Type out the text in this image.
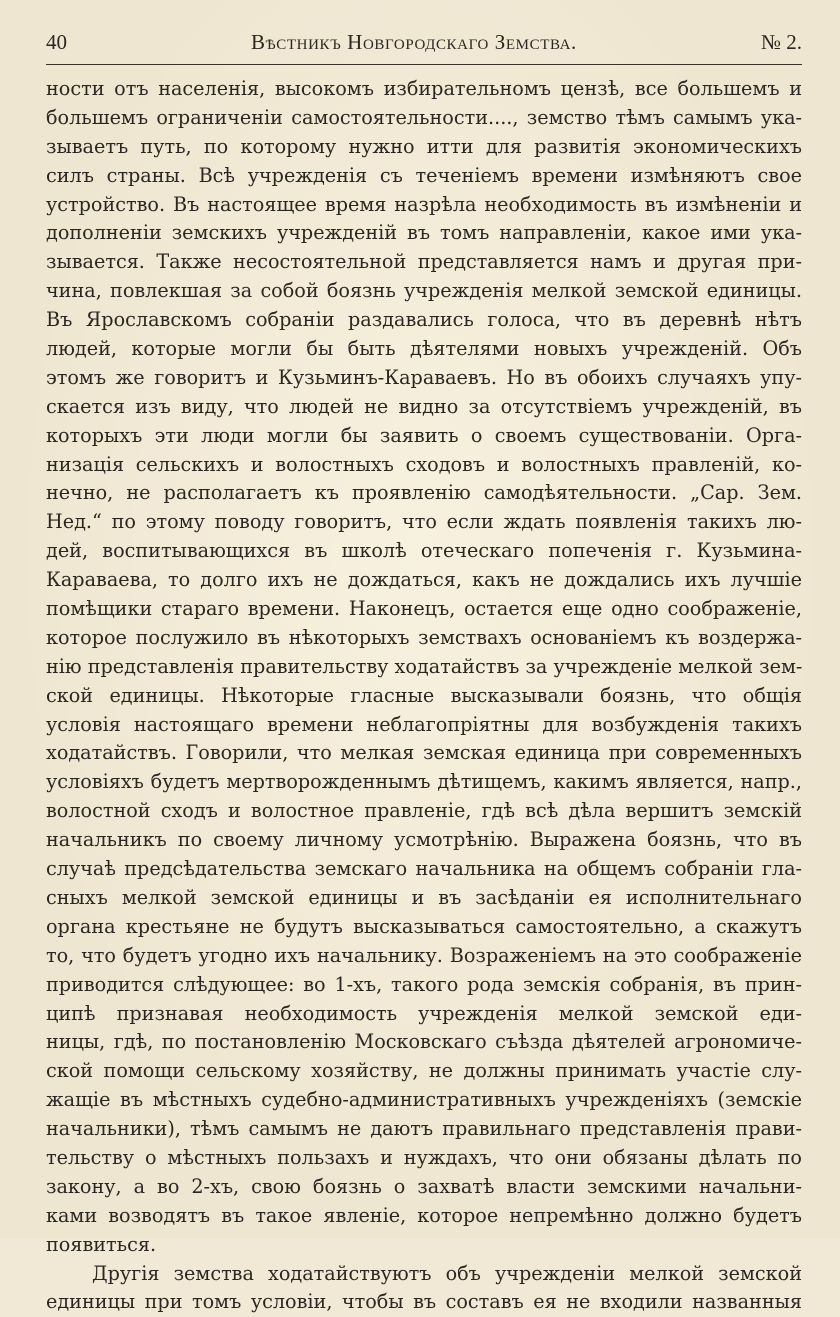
40	Вѣстникъ Новгородскаго Земства.	№ 2.
ности отъ населенія, высокомъ избирательномъ цензѣ, все большемъ и
большемъ ограниченіи самостоятельности...., земство тѣмъ самымъ ука-
зываетъ путь, по которому нужно итти для развитія экономическихъ
силъ страны. Всѣ учрежденія съ теченіемъ времени измѣняютъ свое
устройство. Въ настоящее время назрѣла необходимость въ измѣненіи и
дополненіи земскихъ учрежденій въ томъ направленіи, какое ими ука-
зывается. Также несостоятельной представляется намъ и другая при-
чина, повлекшая за собой боязнь учрежденія мелкой земской единицы.
Въ Ярославскомъ собраніи раздавались голоса, что въ деревнѣ нѣтъ
людей, которые могли бы быть дѣятелями новыхъ учрежденій. Объ
этомъ же говоритъ и Кузьминъ-Караваевъ. Но въ обоихъ случаяхъ упу-
скается изъ виду, что людей не видно за отсутствіемъ учрежденій, въ
которыхъ эти люди могли бы заявить о своемъ существованіи. Орга-
низація сельскихъ и волостныхъ сходовъ и волостныхъ правленій, ко-
нечно, не располагаетъ къ проявленію самодѣятельности. „Сар. Зем.
Нед.“ по этому поводу говоритъ, что если ждать появленія такихъ лю-
дей, воспитывающихся въ школѣ отеческаго попеченія г. Кузьмина-
Караваева, то долго ихъ не дождаться, какъ не дождались ихъ лучшіе
помѣщики стараго времени. Наконецъ, остается еще одно соображеніе,
которое послужило въ нѣкоторыхъ земствахъ основаніемъ къ воздержа-
нію представленія правительству ходатайствъ за учрежденіе мелкой зем-
ской единицы. Нѣкоторые гласные высказывали боязнь, что общія
условія настоящаго времени неблагопріятны для возбужденія такихъ
ходатайствъ. Говорили, что мелкая земская единица при современныхъ
условіяхъ будетъ мертворожденнымъ дѣтищемъ, какимъ является, напр.,
волостной сходъ и волостное правленіе, гдѣ всѣ дѣла вершитъ земскій
начальникъ по своему личному усмотрѣнію. Выражена боязнь, что въ
случаѣ предсѣдательства земскаго начальника на общемъ собраніи гла-
сныхъ мелкой земской единицы и въ засѣданіи ея исполнительнаго
органа крестьяне не будутъ высказываться самостоятельно, а скажутъ
то, что будетъ угодно ихъ начальнику. Возраженіемъ на это соображеніе
приводится слѣдующее: во 1-хъ, такого рода земскія собранія, въ прин-
ципѣ признавая необходимость учрежденія мелкой земской еди-
ницы, гдѣ, по постановленію Московскаго съѣзда дѣятелей агрономиче-
ской помощи сельскому хозяйству, не должны принимать участіе слу-
жащіе въ мѣстныхъ судебно-административныхъ учрежденіяхъ (земскіе
начальники), тѣмъ самымъ не даютъ правильнаго представленія прави-
тельству о мѣстныхъ пользахъ и нуждахъ, что они обязаны дѣлать по
закону, а во 2-хъ, свою боязнь о захватѣ власти земскими начальни-
ками возводятъ въ такое явленіе, которое непремѣнно должно будетъ
появиться.
Другія земства ходатайствуютъ объ учрежденіи мелкой земской
единицы при томъ условіи, чтобы въ составъ ея не входили названныя
